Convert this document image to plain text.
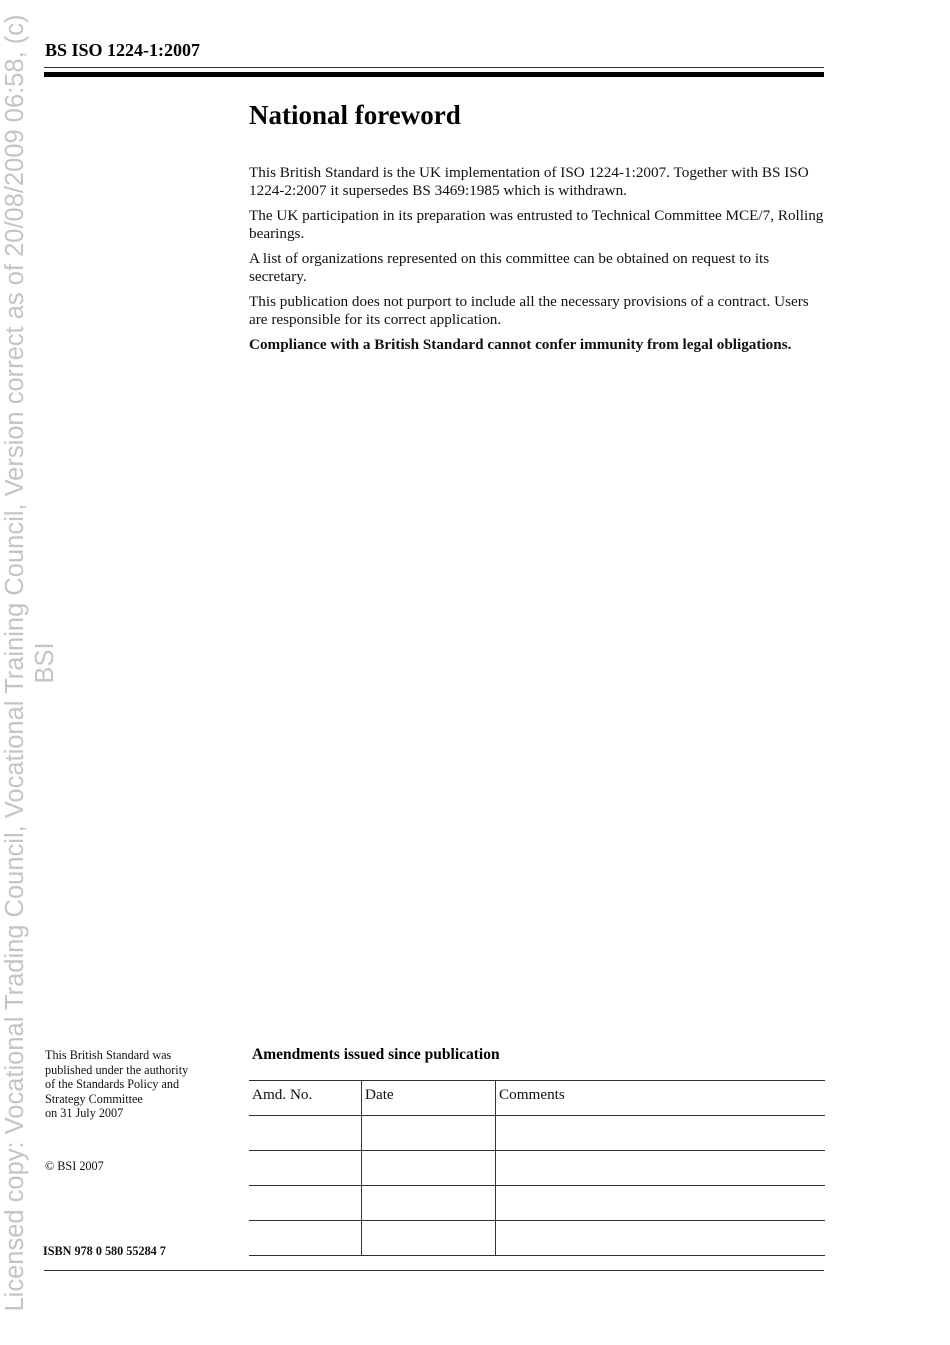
Licensed copy: Vocational Trading Council, Vocational Training Council, Version correct as of 20/08/2009 06:58, (c) BSI
BS ISO 1224-1:2007
National foreword

This British Standard is the UK implementation of ISO 1224-1:2007. Together with BS ISO 1224-2:2007 it supersedes BS 3469:1985 which is withdrawn.

The UK participation in its preparation was entrusted to Technical Committee MCE/7, Rolling bearings.

A list of organizations represented on this committee can be obtained on request to its secretary.

This publication does not purport to include all the necessary provisions of a contract. Users are responsible for its correct application.

Compliance with a British Standard cannot confer immunity from legal obligations.

This British Standard was
published under the authority
of the Standards Policy and
Strategy Committee
on 31 July 2007
© BSI 2007
ISBN 978 0 580 55284 7
Amendments issued since publication
Amd. No.	Date	Comments
